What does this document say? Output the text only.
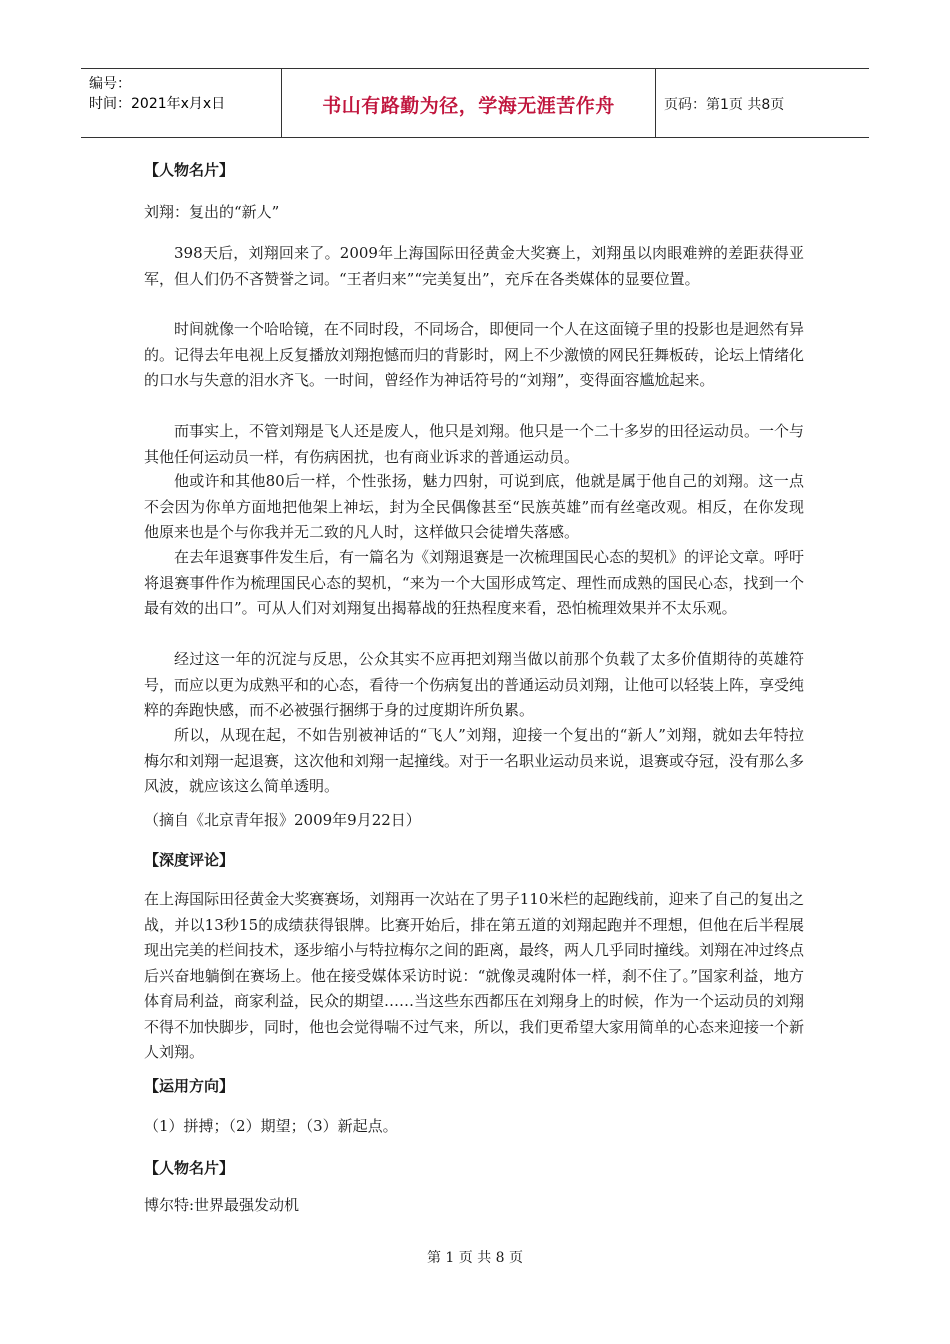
编号：
时间：2021年x月x日	书山有路勤为径，学海无涯苦作舟	页码：第1页 共8页
【人物名片】
刘翔：复出的“新人”
398天后，刘翔回来了。2009年上海国际田径黄金大奖赛上，刘翔虽以肉眼难辨的差距获得亚军，但人们仍不吝赞誉之词。“王者归来”“完美复出”，充斥在各类媒体的显要位置。
时间就像一个哈哈镜，在不同时段，不同场合，即便同一个人在这面镜子里的投影也是迥然有异的。记得去年电视上反复播放刘翔抱憾而归的背影时，网上不少激愤的网民狂舞板砖，论坛上情绪化的口水与失意的泪水齐飞。一时间，曾经作为神话符号的“刘翔”，变得面容尴尬起来。
而事实上，不管刘翔是飞人还是废人，他只是刘翔。他只是一个二十多岁的田径运动员。一个与其他任何运动员一样，有伤病困扰，也有商业诉求的普通运动员。
他或许和其他80后一样，个性张扬，魅力四射，可说到底，他就是属于他自己的刘翔。这一点不会因为你单方面地把他架上神坛，封为全民偶像甚至“民族英雄”而有丝毫改观。相反，在你发现他原来也是个与你我并无二致的凡人时，这样做只会徒增失落感。
在去年退赛事件发生后，有一篇名为《刘翔退赛是一次梳理国民心态的契机》的评论文章。呼吁将退赛事件作为梳理国民心态的契机，“来为一个大国形成笃定、理性而成熟的国民心态，找到一个最有效的出口”。可从人们对刘翔复出揭幕战的狂热程度来看，恐怕梳理效果并不太乐观。
经过这一年的沉淀与反思，公众其实不应再把刘翔当做以前那个负载了太多价值期待的英雄符号，而应以更为成熟平和的心态，看待一个伤病复出的普通运动员刘翔，让他可以轻装上阵，享受纯粹的奔跑快感，而不必被强行捆绑于身的过度期许所负累。
所以，从现在起，不如告别被神话的“飞人”刘翔，迎接一个复出的“新人”刘翔，就如去年特拉梅尔和刘翔一起退赛，这次他和刘翔一起撞线。对于一名职业运动员来说，退赛或夺冠，没有那么多风波，就应该这么简单透明。
（摘自《北京青年报》2009年9月22日）
【深度评论】
在上海国际田径黄金大奖赛赛场，刘翔再一次站在了男子110米栏的起跑线前，迎来了自己的复出之战，并以13秒15的成绩获得银牌。比赛开始后，排在第五道的刘翔起跑并不理想，但他在后半程展现出完美的栏间技术，逐步缩小与特拉梅尔之间的距离，最终，两人几乎同时撞线。刘翔在冲过终点后兴奋地躺倒在赛场上。他在接受媒体采访时说：“就像灵魂附体一样，刹不住了。”国家利益，地方体育局利益，商家利益，民众的期望……当这些东西都压在刘翔身上的时候，作为一个运动员的刘翔不得不加快脚步，同时，他也会觉得喘不过气来，所以，我们更希望大家用简单的心态来迎接一个新人刘翔。
【运用方向】
（1）拼搏；（2）期望；（3）新起点。
【人物名片】
博尔特:世界最强发动机
第 1 页 共 8 页
